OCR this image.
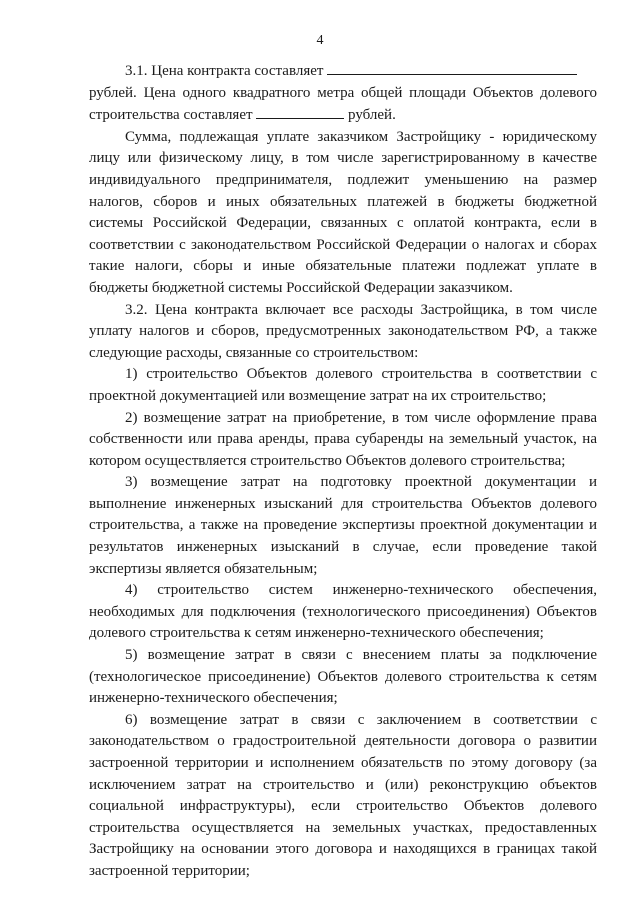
4

3.1. Цена контракта составляет
рублей. Цена одного квадратного метра общей площади Объектов долевого строительства составляет	рублей.

Сумма, подлежащая уплате заказчиком Застройщику - юридическому лицу или физическому лицу, в том числе зарегистрированному в качестве индивидуального предпринимателя, подлежит уменьшению на размер налогов, сборов и иных обязательных платежей в бюджеты бюджетной системы Российской Федерации, связанных с оплатой контракта, если в соответствии с законодательством Российской Федерации о налогах и сборах такие налоги, сборы и иные обязательные платежи подлежат уплате в бюджеты бюджетной системы Российской Федерации заказчиком.

3.2. Цена контракта включает все расходы Застройщика, в том числе уплату налогов и сборов, предусмотренных законодательством РФ, а также следующие расходы, связанные со строительством:

1) строительство Объектов долевого строительства в соответствии с проектной документацией или возмещение затрат на их строительство;

2) возмещение затрат на приобретение, в том числе оформление права собственности или права аренды, права субаренды на земельный участок, на котором осуществляется строительство Объектов долевого строительства;

3) возмещение затрат на подготовку проектной документации и выполнение инженерных изысканий для строительства Объектов долевого строительства, а также на проведение экспертизы проектной документации и результатов инженерных изысканий в случае, если проведение такой экспертизы является обязательным;

4) строительство систем инженерно-технического обеспечения, необходимых для подключения (технологического присоединения) Объектов долевого строительства к сетям инженерно-технического обеспечения;

5) возмещение затрат в связи с внесением платы за подключение (технологическое присоединение) Объектов долевого строительства к сетям инженерно-технического обеспечения;

6) возмещение затрат в связи с заключением в соответствии с законодательством о градостроительной деятельности договора о развитии застроенной территории и исполнением обязательств по этому договору (за исключением затрат на строительство и (или) реконструкцию объектов социальной инфраструктуры), если строительство Объектов долевого строительства осуществляется на земельных участках, предоставленных Застройщику на основании этого договора и находящихся в границах такой застроенной территории;
